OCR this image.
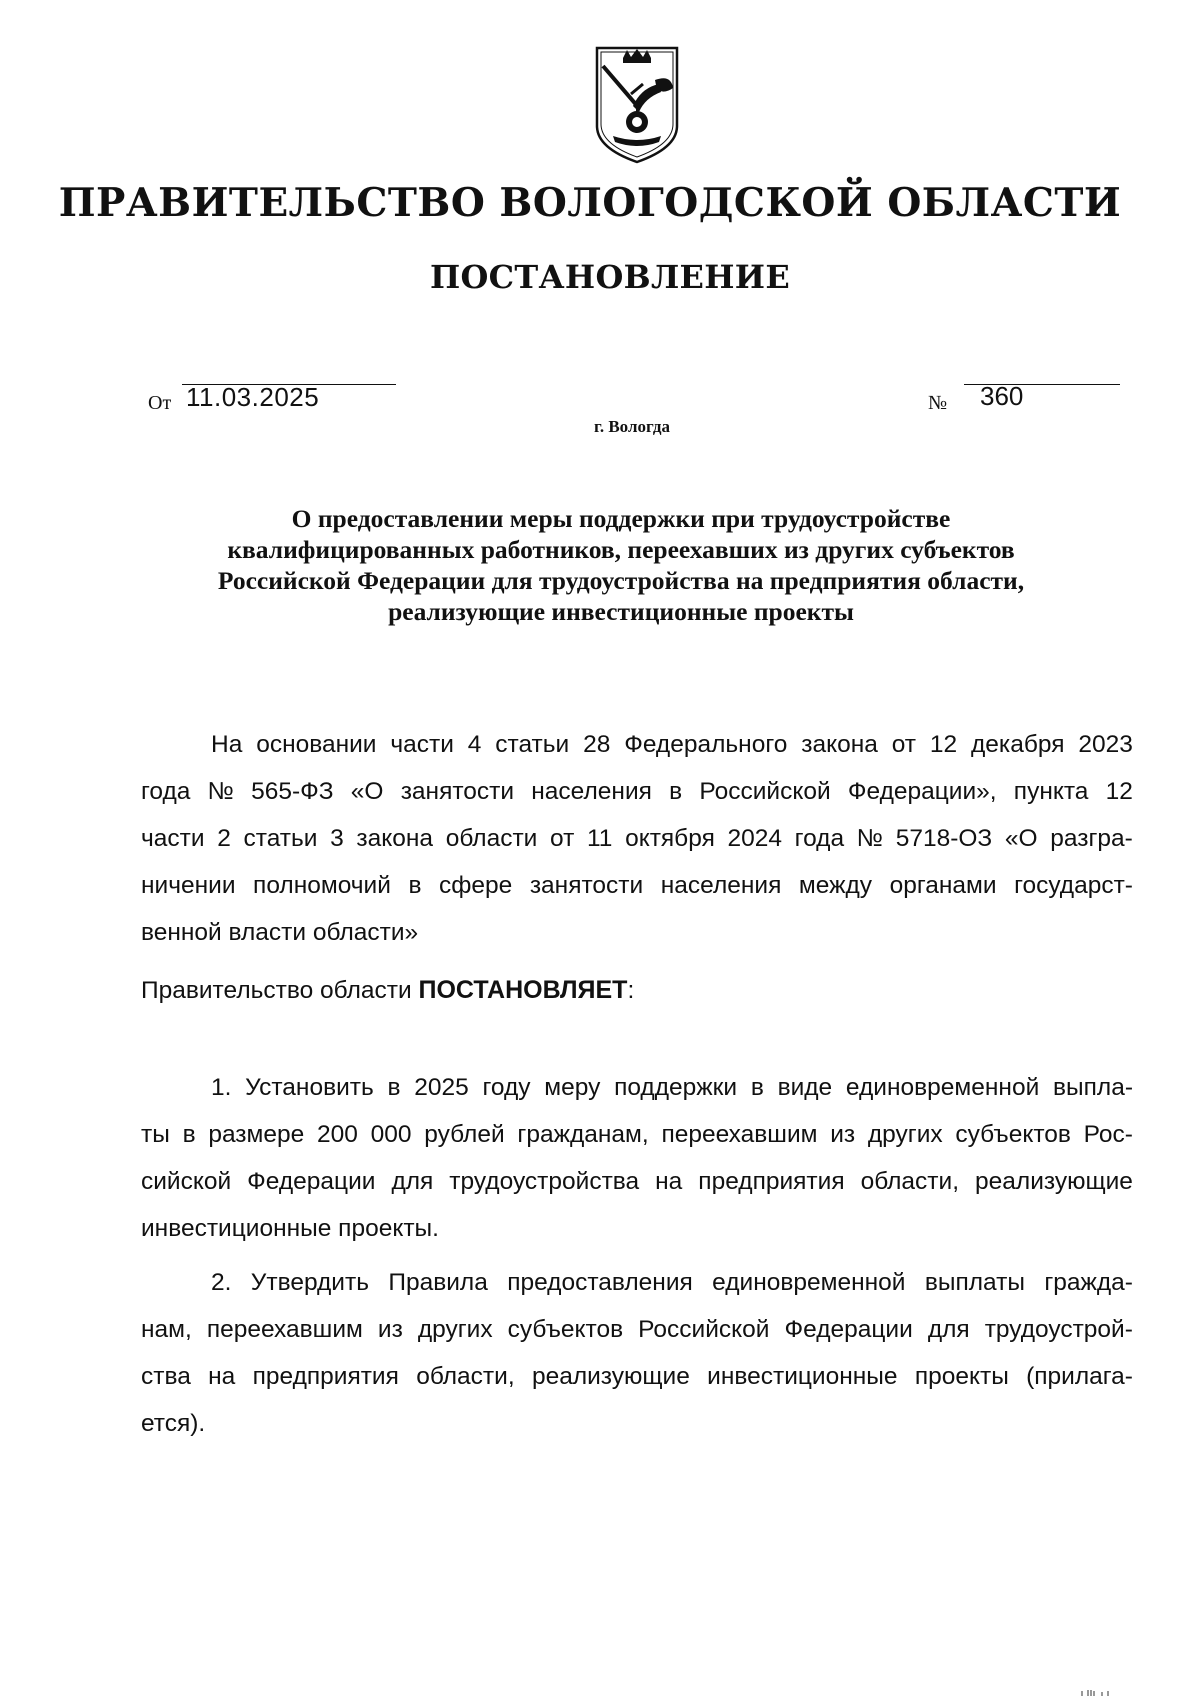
ПРАВИТЕЛЬСТВО ВОЛОГОДСКОЙ ОБЛАСТИ
ПОСТАНОВЛЕНИЕ
От 11.03.2025	№ 360
г. Вологда
О предоставлении меры поддержки при трудоустройстве
квалифицированных работников, переехавших из других субъектов
Российской Федерации для трудоустройства на предприятия области,
реализующие инвестиционные проекты
На основании части 4 статьи 28 Федерального закона от 12 декабря 2023
года № 565-ФЗ «О занятости населения в Российской Федерации», пункта 12
части 2 статьи 3 закона области от 11 октября 2024 года № 5718-ОЗ «О разгра-
ничении полномочий в сфере занятости населения между органами государст-
венной власти области»
Правительство области ПОСТАНОВЛЯЕТ:
1. Установить в 2025 году меру поддержки в виде единовременной выпла-
ты в размере 200 000 рублей гражданам, переехавшим из других субъектов Рос-
сийской Федерации для трудоустройства на предприятия области, реализующие
инвестиционные проекты.
2. Утвердить Правила предоставления единовременной выплаты гражда-
нам, переехавшим из других субъектов Российской Федерации для трудоустрой-
ства на предприятия области, реализующие инвестиционные проекты (прилага-
ется).
